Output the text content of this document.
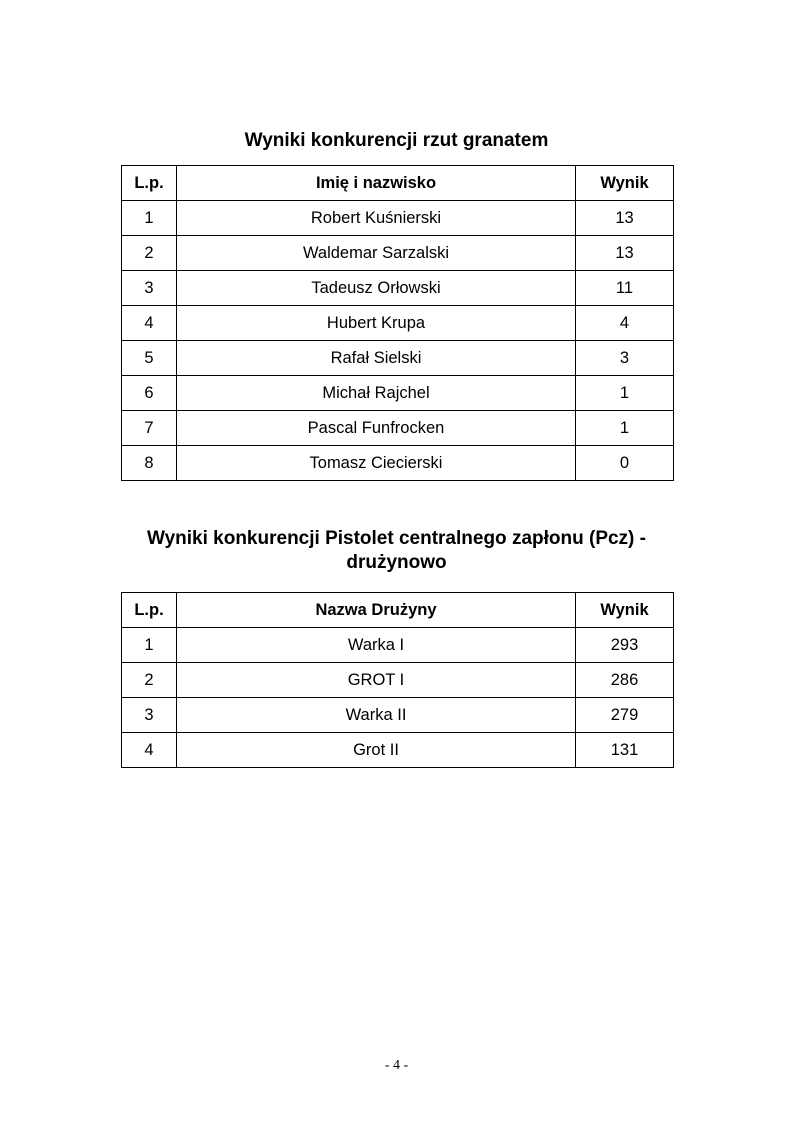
Wyniki konkurencji rzut granatem
L.p.	Imię i nazwisko	Wynik
1	Robert Kuśnierski	13
2	Waldemar Sarzalski	13
3	Tadeusz Orłowski	11
4	Hubert Krupa	4
5	Rafał Sielski	3
6	Michał Rajchel	1
7	Pascal Funfrocken	1
8	Tomasz Ciecierski	0
Wyniki konkurencji Pistolet centralnego zapłonu (Pcz) -
drużynowo
L.p.	Nazwa Drużyny	Wynik
1	Warka I	293
2	GROT I	286
3	Warka II	279
4	Grot II	131
- 4 -
